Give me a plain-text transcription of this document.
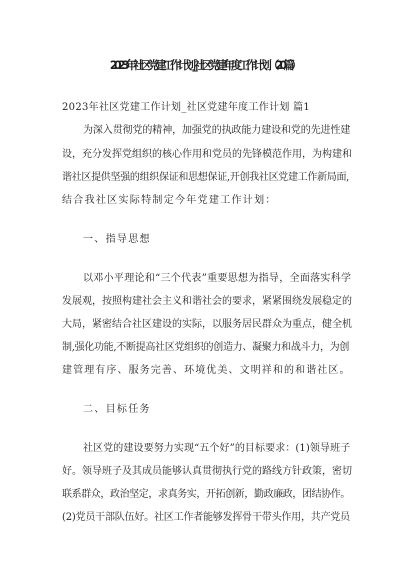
2023年社区党建工作计划_社区党建年度工作计划（20篇）
2023年社区党建工作计划_社区党建年度工作计划 篇1
为深入贯彻党的精神，加强党的执政能力建设和党的先进性建
设，充分发挥党组织的核心作用和党员的先锋模范作用，为构建和
谐社区提供坚强的组织保证和思想保证,开创我社区党建工作新局面,
结合我社区实际特制定今年党建工作计划：
一、指导思想
以邓小平理论和“三个代表”重要思想为指导，全面落实科学
发展观，按照构建社会主义和谐社会的要求，紧紧围绕发展稳定的
大局，紧密结合社区建设的实际，以服务居民群众为重点，健全机
制,强化功能,不断提高社区党组织的创造力、凝聚力和战斗力，为创
建管理有序、服务完善、环境优美、文明祥和的和谐社区。
二、目标任务
社区党的建设要努力实现“五个好”的目标要求：(1)领导班子
好。领导班子及其成员能够认真贯彻执行党的路线方针政策，密切
联系群众，政治坚定，求真务实，开拓创新，勤政廉政，团结协作。
(2)党员干部队伍好。社区工作者能够发挥骨干带头作用，共产党员
